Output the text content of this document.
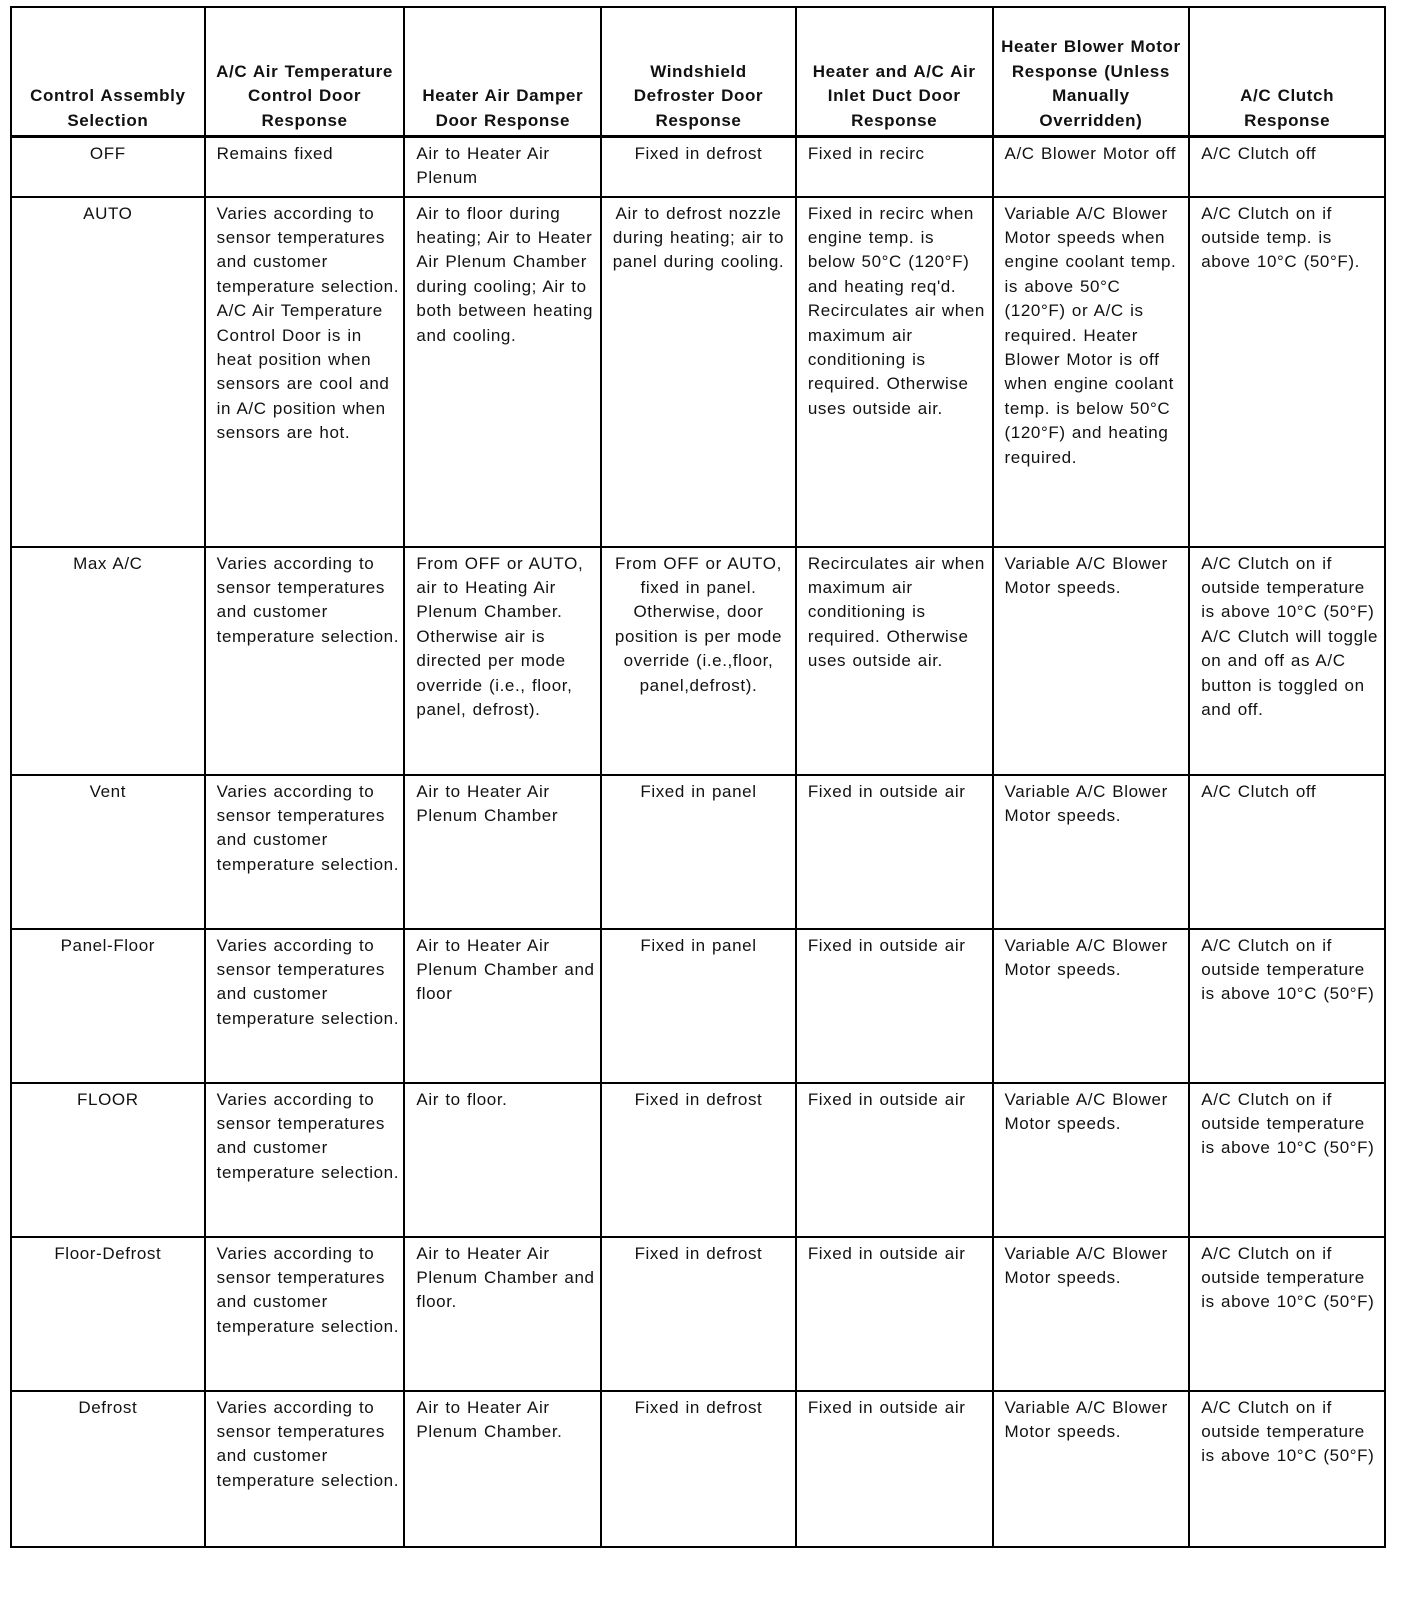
Control Assembly Selection	A/C Air Temperature Control Door Response	Heater Air Damper Door Response	Windshield Defroster Door Response	Heater and A/C Air Inlet Duct Door Response	Heater Blower Motor Response (Unless Manually Overridden)	A/C Clutch Response
OFF	Remains fixed	Air to Heater Air Plenum	Fixed in defrost	Fixed in recirc	A/C Blower Motor off	A/C Clutch off
AUTO	Varies according to sensor temperatures and customer temperature selection. A/C Air Temperature Control Door is in heat position when sensors are cool and in A/C position when sensors are hot.	Air to floor during heating; Air to Heater Air Plenum Chamber during cooling; Air to both between heating and cooling.	Air to defrost nozzle during heating; air to panel during cooling.	Fixed in recirc when engine temp. is below 50°C (120°F) and heating req'd. Recirculates air when maximum air conditioning is required. Otherwise uses outside air.	Variable A/C Blower Motor speeds when engine coolant temp. is above 50°C (120°F) or A/C is required. Heater Blower Motor is off when engine coolant temp. is below 50°C (120°F) and heating required.	A/C Clutch on if outside temp. is above 10°C (50°F).
Max A/C	Varies according to sensor temperatures and customer temperature selection.	From OFF or AUTO, air to Heating Air Plenum Chamber. Otherwise air is directed per mode override (i.e., floor, panel, defrost).	From OFF or AUTO, fixed in panel. Otherwise, door position is per mode override (i.e.,floor, panel,defrost).	Recirculates air when maximum air conditioning is required. Otherwise uses outside air.	Variable A/C Blower Motor speeds.	A/C Clutch on if outside temperature is above 10°C (50°F) A/C Clutch will toggle on and off as A/C button is toggled on and off.
Vent	Varies according to sensor temperatures and customer temperature selection.	Air to Heater Air Plenum Chamber	Fixed in panel	Fixed in outside air	Variable A/C Blower Motor speeds.	A/C Clutch off
Panel-Floor	Varies according to sensor temperatures and customer temperature selection.	Air to Heater Air Plenum Chamber and floor	Fixed in panel	Fixed in outside air	Variable A/C Blower Motor speeds.	A/C Clutch on if outside temperature is above 10°C (50°F)
FLOOR	Varies according to sensor temperatures and customer temperature selection.	Air to floor.	Fixed in defrost	Fixed in outside air	Variable A/C Blower Motor speeds.	A/C Clutch on if outside temperature is above 10°C (50°F)
Floor-Defrost	Varies according to sensor temperatures and customer temperature selection.	Air to Heater Air Plenum Chamber and floor.	Fixed in defrost	Fixed in outside air	Variable A/C Blower Motor speeds.	A/C Clutch on if outside temperature is above 10°C (50°F)
Defrost	Varies according to sensor temperatures and customer temperature selection.	Air to Heater Air Plenum Chamber.	Fixed in defrost	Fixed in outside air	Variable A/C Blower Motor speeds.	A/C Clutch on if outside temperature is above 10°C (50°F)
